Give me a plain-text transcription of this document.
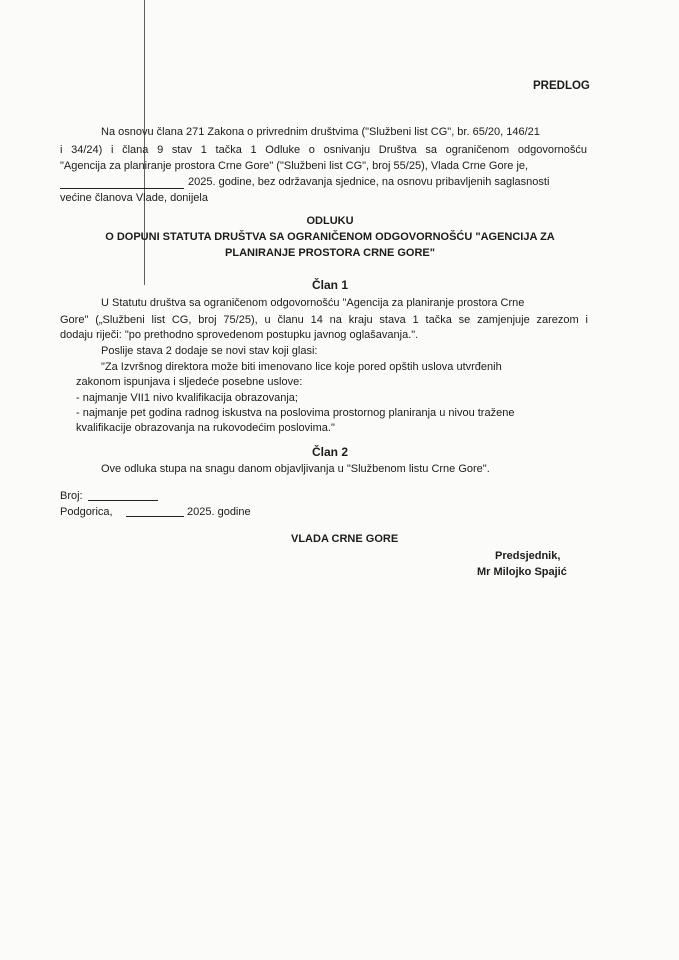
PREDLOG
Na osnovu člana 271 Zakona o privrednim društvima ("Službeni list CG", br. 65/20, 146/21
i 34/24) i člana 9 stav 1 tačka 1 Odluke o osnivanju Društva sa ograničenom odgovornošću
"Agencija za planiranje prostora Crne Gore" ("Službeni list CG", broj 55/25), Vlada Crne Gore je,
2025. godine, bez održavanja sjednice, na osnovu pribavljenih saglasnosti
većine članova Vlade, donijela
ODLUKU
O DOPUNI STATUTA DRUŠTVA SA OGRANIČENOM ODGOVORNOŠĆU "AGENCIJA ZA
PLANIRANJE PROSTORA CRNE GORE"
Član 1
U Statutu društva sa ograničenom odgovornošću "Agencija za planiranje prostora Crne
Gore" („Službeni list CG, broj 75/25), u članu 14 na kraju stava 1 tačka se zamjenjuje zarezom i
dodaju riječi: "po prethodno sprovedenom postupku javnog oglašavanja.".
Poslije stava 2 dodaje se novi stav koji glasi:
"Za Izvršnog direktora može biti imenovano lice koje pored opštih uslova utvrđenih
zakonom ispunjava i sljedeće posebne uslove:
- najmanje VII1 nivo kvalifikacija obrazovanja;
- najmanje pet godina radnog iskustva na poslovima prostornog planiranja u nivou tražene
kvalifikacije obrazovanja na rukovodećim poslovima."
Član 2
Ove odluka stupa na snagu danom objavljivanja u "Službenom listu Crne Gore".
Broj:
Podgorica,	2025. godine
VLADA CRNE GORE
Predsjednik,
Mr Milojko Spajić
